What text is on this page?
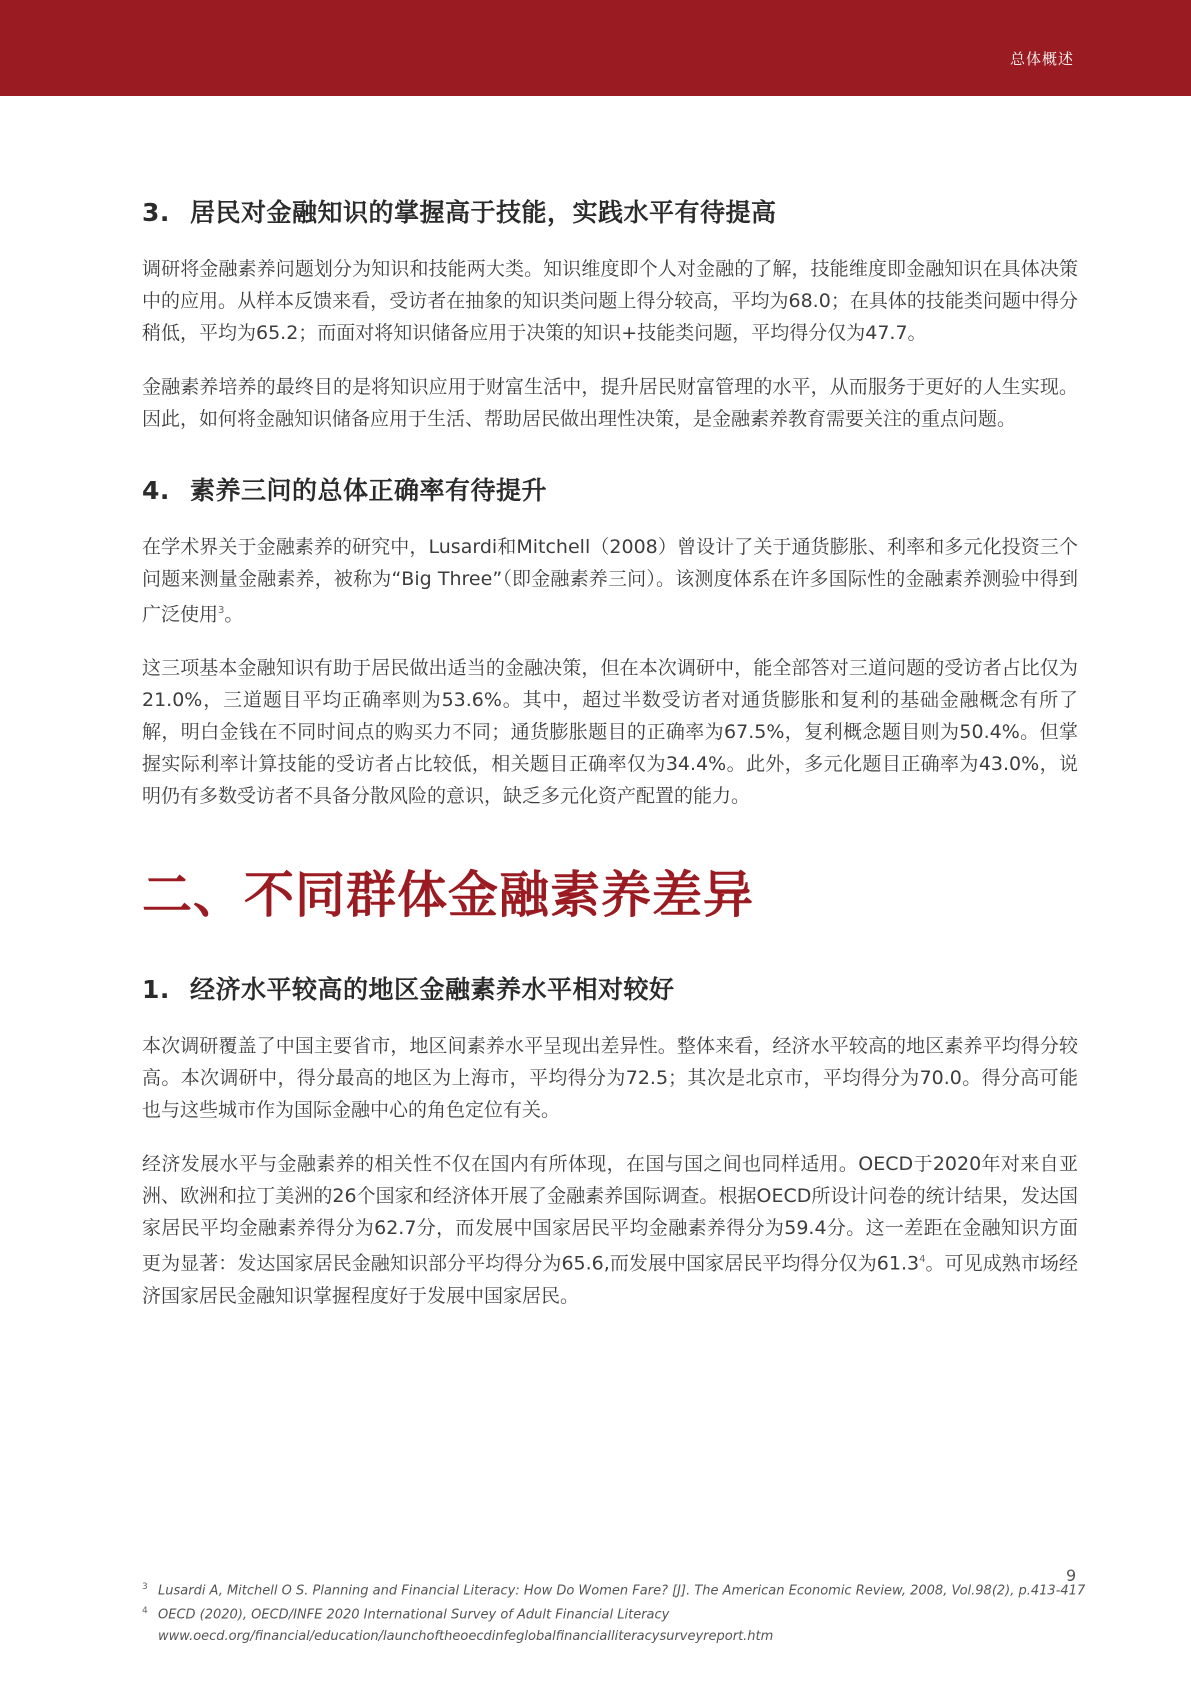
总体概述
3. 居民对金融知识的掌握高于技能，实践水平有待提高

调研将金融素养问题划分为知识和技能两大类。知识维度即个人对金融的了解，技能维度即金融知识在具体决策中的应用。从样本反馈来看，受访者在抽象的知识类问题上得分较高，平均为68.0；在具体的技能类问题中得分稍低，平均为65.2；而面对将知识储备应用于决策的知识+技能类问题，平均得分仅为47.7。

金融素养培养的最终目的是将知识应用于财富生活中，提升居民财富管理的水平，从而服务于更好的人生实现。因此，如何将金融知识储备应用于生活、帮助居民做出理性决策，是金融素养教育需要关注的重点问题。

4. 素养三问的总体正确率有待提升

在学术界关于金融素养的研究中，Lusardi和Mitchell（2008）曾设计了关于通货膨胀、利率和多元化投资三个问题来测量金融素养，被称为“Big Three”（即金融素养三问）。该测度体系在许多国际性的金融素养测验中得到广泛使用$^3$。

这三项基本金融知识有助于居民做出适当的金融决策，但在本次调研中，能全部答对三道问题的受访者占比仅为21.0%，三道题目平均正确率则为53.6%。其中，超过半数受访者对通货膨胀和复利的基础金融概念有所了解，明白金钱在不同时间点的购买力不同；通货膨胀题目的正确率为67.5%，复利概念题目则为50.4%。但掌握实际利率计算技能的受访者占比较低，相关题目正确率仅为34.4%。此外，多元化题目正确率为43.0%，说明仍有多数受访者不具备分散风险的意识，缺乏多元化资产配置的能力。

二、不同群体金融素养差异
1. 经济水平较高的地区金融素养水平相对较好

本次调研覆盖了中国主要省市，地区间素养水平呈现出差异性。整体来看，经济水平较高的地区素养平均得分较高。本次调研中，得分最高的地区为上海市，平均得分为72.5；其次是北京市，平均得分为70.0。得分高可能也与这些城市作为国际金融中心的角色定位有关。

经济发展水平与金融素养的相关性不仅在国内有所体现，在国与国之间也同样适用。OECD于2020年对来自亚洲、欧洲和拉丁美洲的26个国家和经济体开展了金融素养国际调查。根据OECD所设计问卷的统计结果，发达国家居民平均金融素养得分为62.7分，而发展中国家居民平均金融素养得分为59.4分。这一差距在金融知识方面更为显著：发达国家居民金融知识部分平均得分为65.6,而发展中国家居民平均得分仅为61.3$^4$。可见成熟市场经济国家居民金融知识掌握程度好于发展中国家居民。

9
3 Lusardi A, Mitchell O S. Planning and Financial Literacy: How Do Women Fare? [J]. The American Economic Review, 2008, Vol.98(2), p.413-417
4 OECD (2020), OECD/INFE 2020 International Survey of Adult Financial Literacy
www.oecd.org/financial/education/launchoftheoecdinfeglobalfinancialliteracysurveyreport.htm
